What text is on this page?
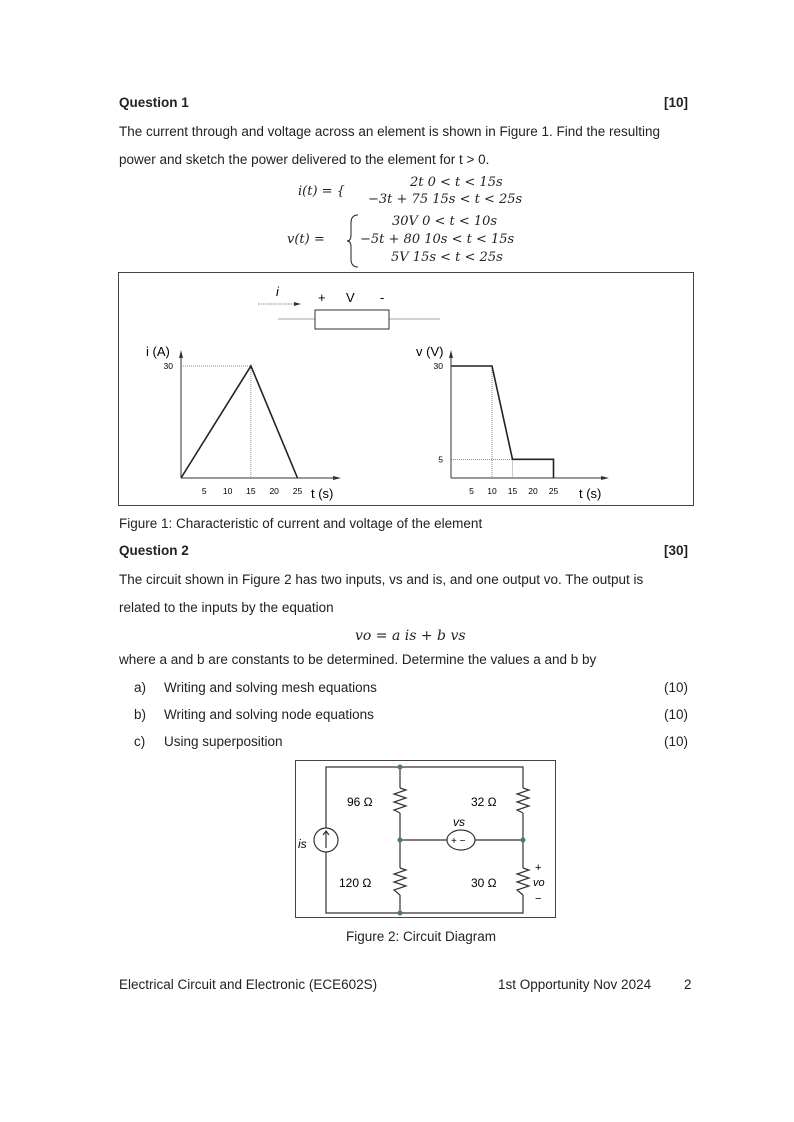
Question 1	[10]
The current through and voltage across an element is shown in Figure 1. Find the resulting
power and sketch the power delivered to the element for t > 0.
i(t) = {
2t 0 < t < 15s
−3t + 75 15s < t < 25s
v(t) =
30V 0 < t < 10s
−5t + 80 10s < t < 15s
5V 15s < t < 25s
i	+ V -
i (A)
t (s)
5 10 15 20 25
30
v (V)
t (s)
5 10 15 20 25
30
5
Figure 1: Characteristic of current and voltage of the element
Question 2	[30]
The circuit shown in Figure 2 has two inputs, vs and is, and one output vo. The output is
related to the inputs by the equation
vo = a is + b vs
where a and b are constants to be determined. Determine the values a and b by
a) Writing and solving mesh equations	(10)
b) Writing and solving node equations	(10)
c) Using superposition	(10)
96 Ω	32 Ω
120 Ω	30 Ω
is
vs
+ −
+
vo
−
Figure 2: Circuit Diagram
Electrical Circuit and Electronic (ECE602S)	1st Opportunity Nov 2024 2
